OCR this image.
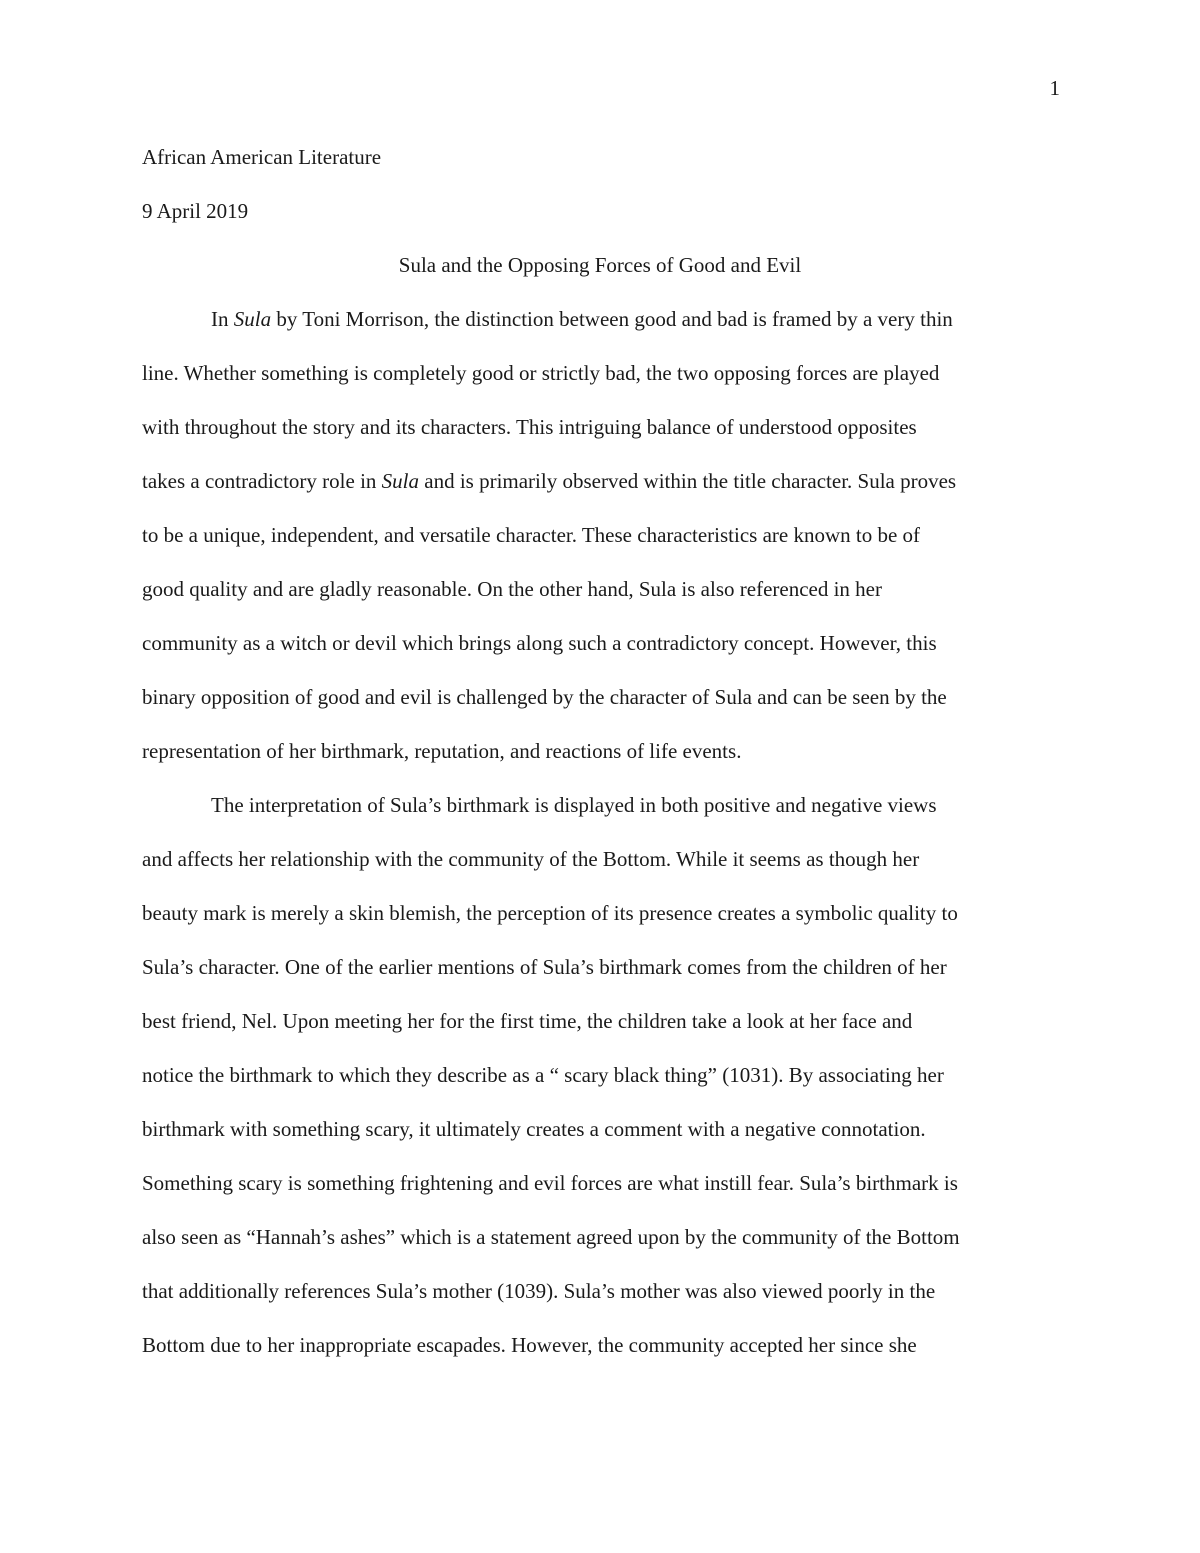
1
African American Literature
9 April 2019
Sula and the Opposing Forces of Good and Evil
In Sula by Toni Morrison, the distinction between good and bad is framed by a very thin
line. Whether something is completely good or strictly bad, the two opposing forces are played
with throughout the story and its characters. This intriguing balance of understood opposites
takes a contradictory role in Sula and is primarily observed within the title character. Sula proves
to be a unique, independent, and versatile character. These characteristics are known to be of
good quality and are gladly reasonable. On the other hand, Sula is also referenced in her
community as a witch or devil which brings along such a contradictory concept. However, this
binary opposition of good and evil is challenged by the character of Sula and can be seen by the
representation of her birthmark, reputation, and reactions of life events.
The interpretation of Sula’s birthmark is displayed in both positive and negative views
and affects her relationship with the community of the Bottom. While it seems as though her
beauty mark is merely a skin blemish, the perception of its presence creates a symbolic quality to
Sula’s character. One of the earlier mentions of Sula’s birthmark comes from the children of her
best friend, Nel. Upon meeting her for the first time, the children take a look at her face and
notice the birthmark to which they describe as a “ scary black thing” (1031). By associating her
birthmark with something scary, it ultimately creates a comment with a negative connotation.
Something scary is something frightening and evil forces are what instill fear. Sula’s birthmark is
also seen as “Hannah’s ashes” which is a statement agreed upon by the community of the Bottom
that additionally references Sula’s mother (1039). Sula’s mother was also viewed poorly in the
Bottom due to her inappropriate escapades. However, the community accepted her since she
